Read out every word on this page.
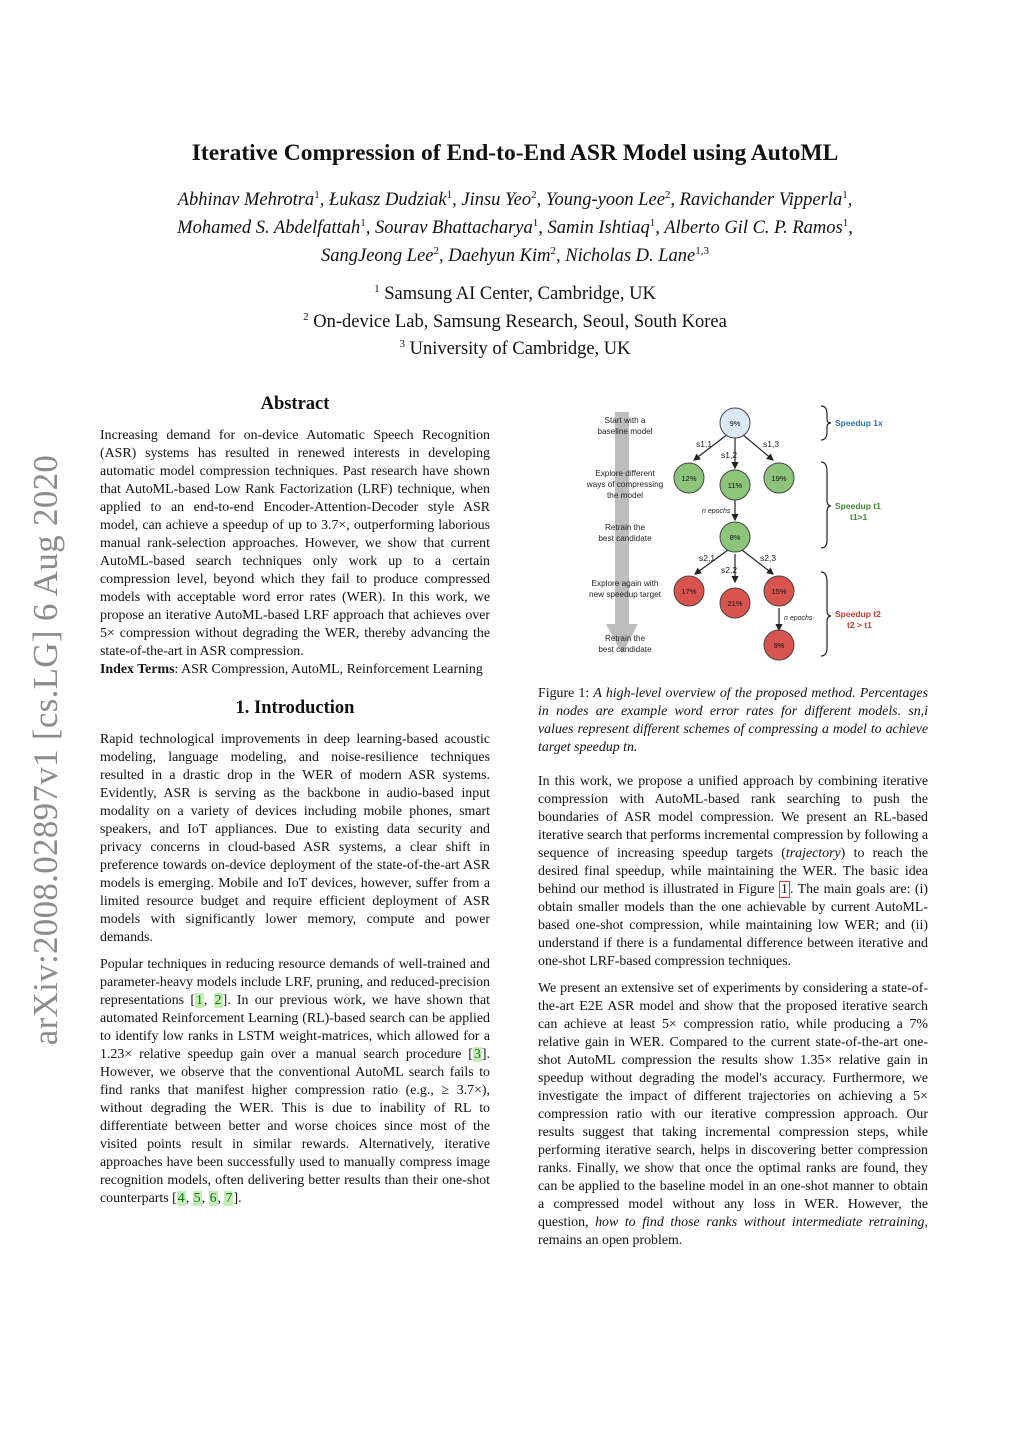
arXiv:2008.02897v1 [cs.LG] 6 Aug 2020
Iterative Compression of End-to-End ASR Model using AutoML
Abhinav Mehrotra$^1$, Łukasz Dudziak$^1$, Jinsu Yeo$^2$, Young-yoon Lee$^2$, Ravichander Vipperla$^1$,
Mohamed S. Abdelfattah$^1$, Sourav Bhattacharya$^1$, Samin Ishtiaq$^1$, Alberto Gil C. P. Ramos$^1$,
SangJeong Lee$^2$, Daehyun Kim$^2$, Nicholas D. Lane$^{1,3}$
$^1$ Samsung AI Center, Cambridge, UK
$^2$ On-device Lab, Samsung Research, Seoul, South Korea
$^3$ University of Cambridge, UK
Abstract

Increasing demand for on-device Automatic Speech Recognition (ASR) systems has resulted in renewed interests in developing automatic model compression techniques. Past research have shown that AutoML-based Low Rank Factorization (LRF) technique, when applied to an end-to-end Encoder-Attention-Decoder style ASR model, can achieve a speedup of up to 3.7×, outperforming laborious manual rank-selection approaches. However, we show that current AutoML-based search techniques only work up to a certain compression level, beyond which they fail to produce compressed models with acceptable word error rates (WER). In this work, we propose an iterative AutoML-based LRF approach that achieves over 5× compression without degrading the WER, thereby advancing the state-of-the-art in ASR compression.
Index Terms: ASR Compression, AutoML, Reinforcement Learning

1. Introduction

Rapid technological improvements in deep learning-based acoustic modeling, language modeling, and noise-resilience techniques resulted in a drastic drop in the WER of modern ASR systems. Evidently, ASR is serving as the backbone in audio-based input modality on a variety of devices including mobile phones, smart speakers, and IoT appliances. Due to existing data security and privacy concerns in cloud-based ASR systems, a clear shift in preference towards on-device deployment of the state-of-the-art ASR models is emerging. Mobile and IoT devices, however, suffer from a limited resource budget and require efficient deployment of ASR models with significantly lower memory, compute and power demands.

Popular techniques in reducing resource demands of well-trained and parameter-heavy models include LRF, pruning, and reduced-precision representations [1, 2]. In our previous work, we have shown that automated Reinforcement Learning (RL)-based search can be applied to identify low ranks in LSTM weight-matrices, which allowed for a 1.23× relative speedup gain over a manual search procedure [3]. However, we observe that the conventional AutoML search fails to find ranks that manifest higher compression ratio (e.g., ≥ 3.7×), without degrading the WER. This is due to inability of RL to differentiate between better and worse choices since most of the visited points result in similar rewards. Alternatively, iterative approaches have been successfully used to manually compress image recognition models, often delivering better results than their one-shot counterparts [4, 5, 6, 7].

Start with a
baseline model
Explore different
ways of compressing
the model
Retrain the
best candidate
Explore again with
new speedup target
Retrain the
best candidate
s1,1
s1,2
s1,3
s2,1
s2,2
s2,3
n epochs
n epochs
9%
12%
11%
19%
8%
17%
21%
15%
9%
Speedup 1x
Speedup t1
t1>1
Speedup t2
t2 > t1

Figure 1: A high-level overview of the proposed method. Percentages in nodes are example word error rates for different models. sn,i values represent different schemes of compressing a model to achieve target speedup tn.

In this work, we propose a unified approach by combining iterative compression with AutoML-based rank searching to push the boundaries of ASR model compression. We present an RL-based iterative search that performs incremental compression by following a sequence of increasing speedup targets (trajectory) to reach the desired final speedup, while maintaining the WER. The basic idea behind our method is illustrated in Figure 1 . The main goals are: (i) obtain smaller models than the one achievable by current AutoML-based one-shot compression, while maintaining low WER; and (ii) understand if there is a fundamental difference between iterative and one-shot LRF-based compression techniques.

We present an extensive set of experiments by considering a state-of-the-art E2E ASR model and show that the proposed iterative search can achieve at least 5× compression ratio, while producing a 7% relative gain in WER. Compared to the current state-of-the-art one-shot AutoML compression the results show 1.35× relative gain in speedup without degrading the model's accuracy. Furthermore, we investigate the impact of different trajectories on achieving a 5× compression ratio with our iterative compression approach. Our results suggest that taking incremental compression steps, while performing iterative search, helps in discovering better compression ranks. Finally, we show that once the optimal ranks are found, they can be applied to the baseline model in an one-shot manner to obtain a compressed model without any loss in WER. However, the question, how to find those ranks without intermediate retraining, remains an open problem.
